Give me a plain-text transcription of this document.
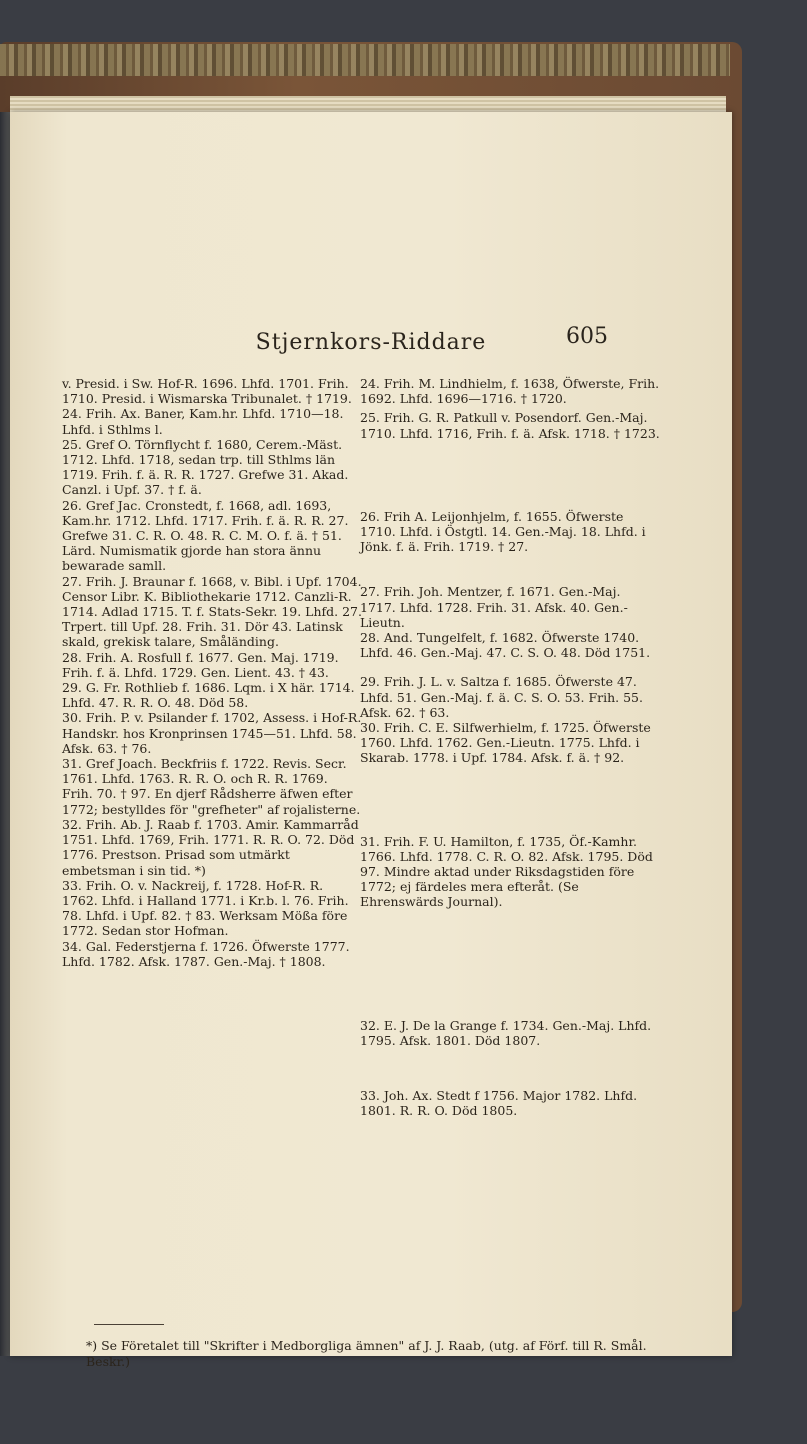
Stjernkors-Riddare	605
v. Presid. i Sw. Hof-R. 1696. Lhfd. 1701. Frih. 1710. Presid. i Wismarska Tribunalet. † 1719.
24. Frih. Ax. Baner, Kam.hr. Lhfd. 1710—18. Lhfd. i Sthlms l.
25. Gref O. Törnflycht f. 1680, Cerem.-Mäst. 1712. Lhfd. 1718, sedan trp. till Sthlms län 1719. Frih. f. ä. R. R. 1727. Grefwe 31. Akad. Canzl. i Upf. 37. † f. ä.
26. Gref Jac. Cronstedt, f. 1668, adl. 1693, Kam.hr. 1712. Lhfd. 1717. Frih. f. ä. R. R. 27. Grefwe 31. C. R. O. 48. R. C. M. O. f. ä. † 51. Lärd. Numismatik gjorde han stora ännu bewarade samll.
27. Frih. J. Braunar f. 1668, v. Bibl. i Upf. 1704. Censor Libr. K. Bibliothekarie 1712. Canzli-R. 1714. Adlad 1715. T. f. Stats-Sekr. 19. Lhfd. 27. Trpert. till Upf. 28. Frih. 31. Dör 43. Latinsk skald, grekisk talare, Småländing.
28. Frih. A. Rosfull f. 1677. Gen. Maj. 1719. Frih. f. ä. Lhfd. 1729. Gen. Lient. 43. † 43.
29. G. Fr. Rothlieb f. 1686. Lqm. i X här. 1714. Lhfd. 47. R. R. O. 48. Död 58.
30. Frih. P. v. Psilander f. 1702, Assess. i Hof-R. Handskr. hos Kronprinsen 1745—51. Lhfd. 58. Afsk. 63. † 76.
31. Gref Joach. Beckfriis f. 1722. Revis. Secr. 1761. Lhfd. 1763. R. R. O. och R. R. 1769. Frih. 70. † 97. En djerf Rådsherre äfwen efter 1772; bestylldes för "grefheter" af rojalisterne.
32. Frih. Ab. J. Raab f. 1703. Amir. Kammarråd 1751. Lhfd. 1769, Frih. 1771. R. R. O. 72. Död 1776. Prestson. Prisad som utmärkt embetsman i sin tid. *)
33. Frih. O. v. Nackreij, f. 1728. Hof-R. R. 1762. Lhfd. i Halland 1771. i Kr.b. l. 76. Frih. 78. Lhfd. i Upf. 82. † 83. Werksam Mößa före 1772. Sedan stor Hofman.
34. Gal. Federstjerna f. 1726. Öfwerste 1777. Lhfd. 1782. Afsk. 1787. Gen.-Maj. † 1808.
24. Frih. M. Lindhielm, f. 1638, Öfwerste, Frih. 1692. Lhfd. 1696—1716. † 1720.
25. Frih. G. R. Patkull v. Posendorf. Gen.-Maj. 1710. Lhfd. 1716, Frih. f. ä. Afsk. 1718. † 1723.
26. Frih A. Leijonhjelm, f. 1655. Öfwerste 1710. Lhfd. i Östgtl. 14. Gen.-Maj. 18. Lhfd. i Jönk. f. ä. Frih. 1719. † 27.
27. Frih. Joh. Mentzer, f. 1671. Gen.-Maj. 1717. Lhfd. 1728. Frih. 31. Afsk. 40. Gen.-Lieutn.
28. And. Tungelfelt, f. 1682. Öfwerste 1740. Lhfd. 46. Gen.-Maj. 47. C. S. O. 48. Död 1751.
29. Frih. J. L. v. Saltza f. 1685. Öfwerste 47. Lhfd. 51. Gen.-Maj. f. ä. C. S. O. 53. Frih. 55. Afsk. 62. † 63.
30. Frih. C. E. Silfwerhielm, f. 1725. Öfwerste 1760. Lhfd. 1762. Gen.-Lieutn. 1775. Lhfd. i Skarab. 1778. i Upf. 1784. Afsk. f. ä. † 92.
31. Frih. F. U. Hamilton, f. 1735, Öf.-Kamhr. 1766. Lhfd. 1778. C. R. O. 82. Afsk. 1795. Död 97. Mindre aktad under Riksdagstiden före 1772; ej färdeles mera efteråt. (Se Ehrenswärds Journal).
32. E. J. De la Grange f. 1734. Gen.-Maj. Lhfd. 1795. Afsk. 1801. Död 1807.
33. Joh. Ax. Stedt f 1756. Major 1782. Lhfd. 1801. R. R. O. Död 1805.
*) Se Företalet till "Skrifter i Medborgliga ämnen" af J. J. Raab, (utg. af Förf. till R. Smål. Beskr.)
